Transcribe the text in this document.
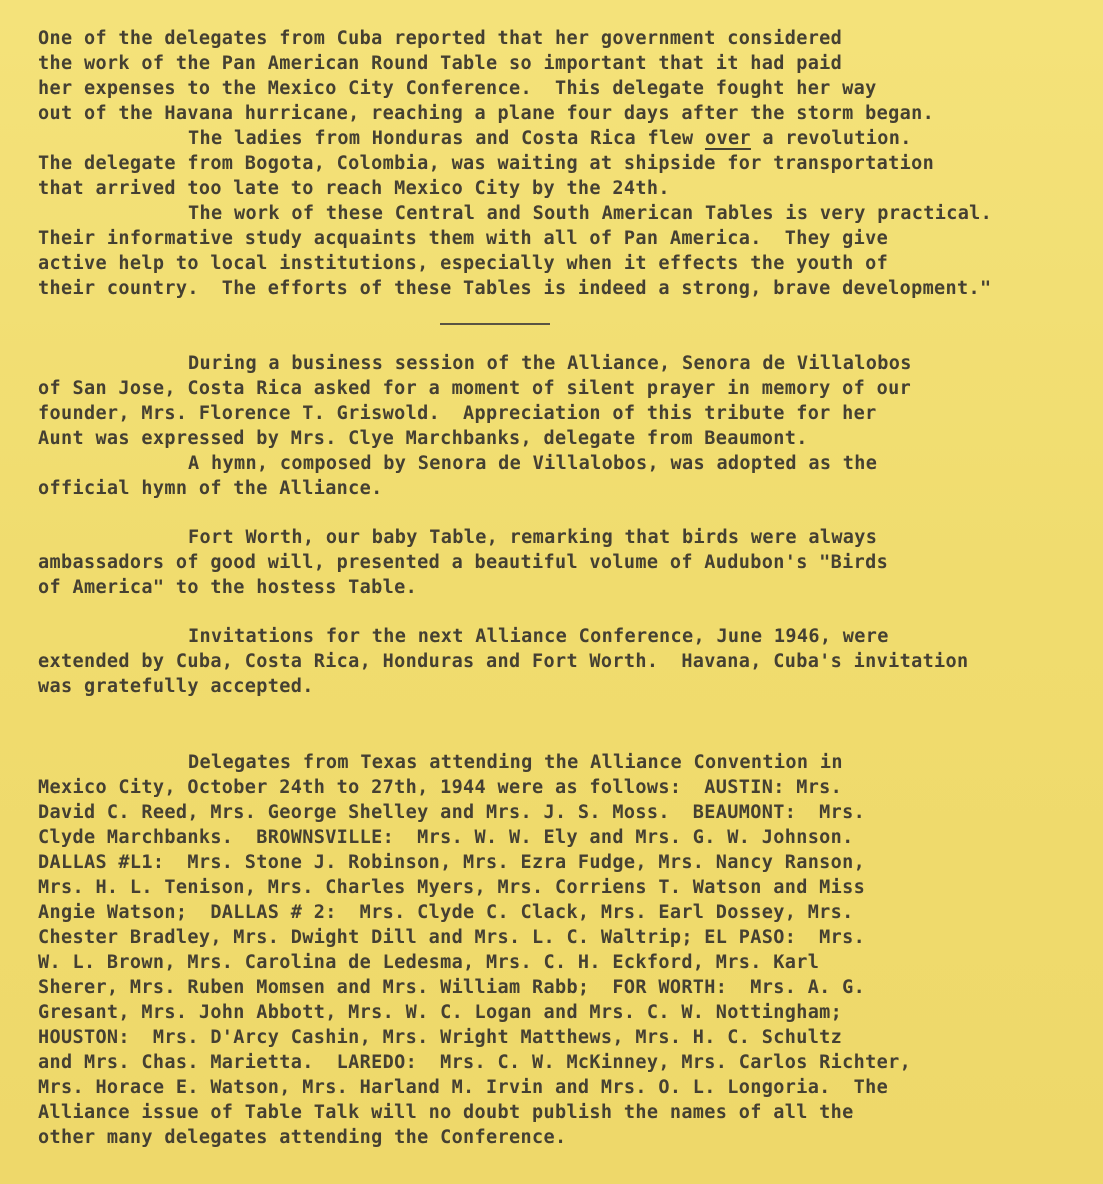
One of the delegates from Cuba reported that her government considered

the work of the Pan American Round Table so important that it had paid

her expenses to the Mexico City Conference.  This delegate fought her way

out of the Havana hurricane, reaching a plane four days after the storm began.

The ladies from Honduras and Costa Rica flew over a revolution.

The delegate from Bogota, Colombia, was waiting at shipside for transportation

that arrived too late to reach Mexico City by the 24th.

The work of these Central and South American Tables is very practical.

Their informative study acquaints them with all of Pan America.  They give

active help to local institutions, especially when it effects the youth of

their country.  The efforts of these Tables is indeed a strong, brave development."

During a business session of the Alliance, Senora de Villalobos

of San Jose, Costa Rica asked for a moment of silent prayer in memory of our

founder, Mrs. Florence T. Griswold.  Appreciation of this tribute for her

Aunt was expressed by Mrs. Clye Marchbanks, delegate from Beaumont.

A hymn, composed by Senora de Villalobos, was adopted as the

official hymn of the Alliance.

Fort Worth, our baby Table, remarking that birds were always

ambassadors of good will, presented a beautiful volume of Audubon's "Birds

of America" to the hostess Table.

Invitations for the next Alliance Conference, June 1946, were

extended by Cuba, Costa Rica, Honduras and Fort Worth.  Havana, Cuba's invitation

was gratefully accepted.

Delegates from Texas attending the Alliance Convention in

Mexico City, October 24th to 27th, 1944 were as follows:  AUSTIN: Mrs.

David C. Reed, Mrs. George Shelley and Mrs. J. S. Moss.  BEAUMONT:  Mrs.

Clyde Marchbanks.  BROWNSVILLE:  Mrs. W. W. Ely and Mrs. G. W. Johnson.

DALLAS #L1:  Mrs. Stone J. Robinson, Mrs. Ezra Fudge, Mrs. Nancy Ranson,

Mrs. H. L. Tenison, Mrs. Charles Myers, Mrs. Corriens T. Watson and Miss

Angie Watson;  DALLAS # 2:  Mrs. Clyde C. Clack, Mrs. Earl Dossey, Mrs.

Chester Bradley, Mrs. Dwight Dill and Mrs. L. C. Waltrip; EL PASO:  Mrs.

W. L. Brown, Mrs. Carolina de Ledesma, Mrs. C. H. Eckford, Mrs. Karl

Sherer, Mrs. Ruben Momsen and Mrs. William Rabb;  FOR WORTH:  Mrs. A. G.

Gresant, Mrs. John Abbott, Mrs. W. C. Logan and Mrs. C. W. Nottingham;

HOUSTON:  Mrs. D'Arcy Cashin, Mrs. Wright Matthews, Mrs. H. C. Schultz

and Mrs. Chas. Marietta.  LAREDO:  Mrs. C. W. McKinney, Mrs. Carlos Richter,

Mrs. Horace E. Watson, Mrs. Harland M. Irvin and Mrs. O. L. Longoria.  The

Alliance issue of Table Talk will no doubt publish the names of all the

other many delegates attending the Conference.
